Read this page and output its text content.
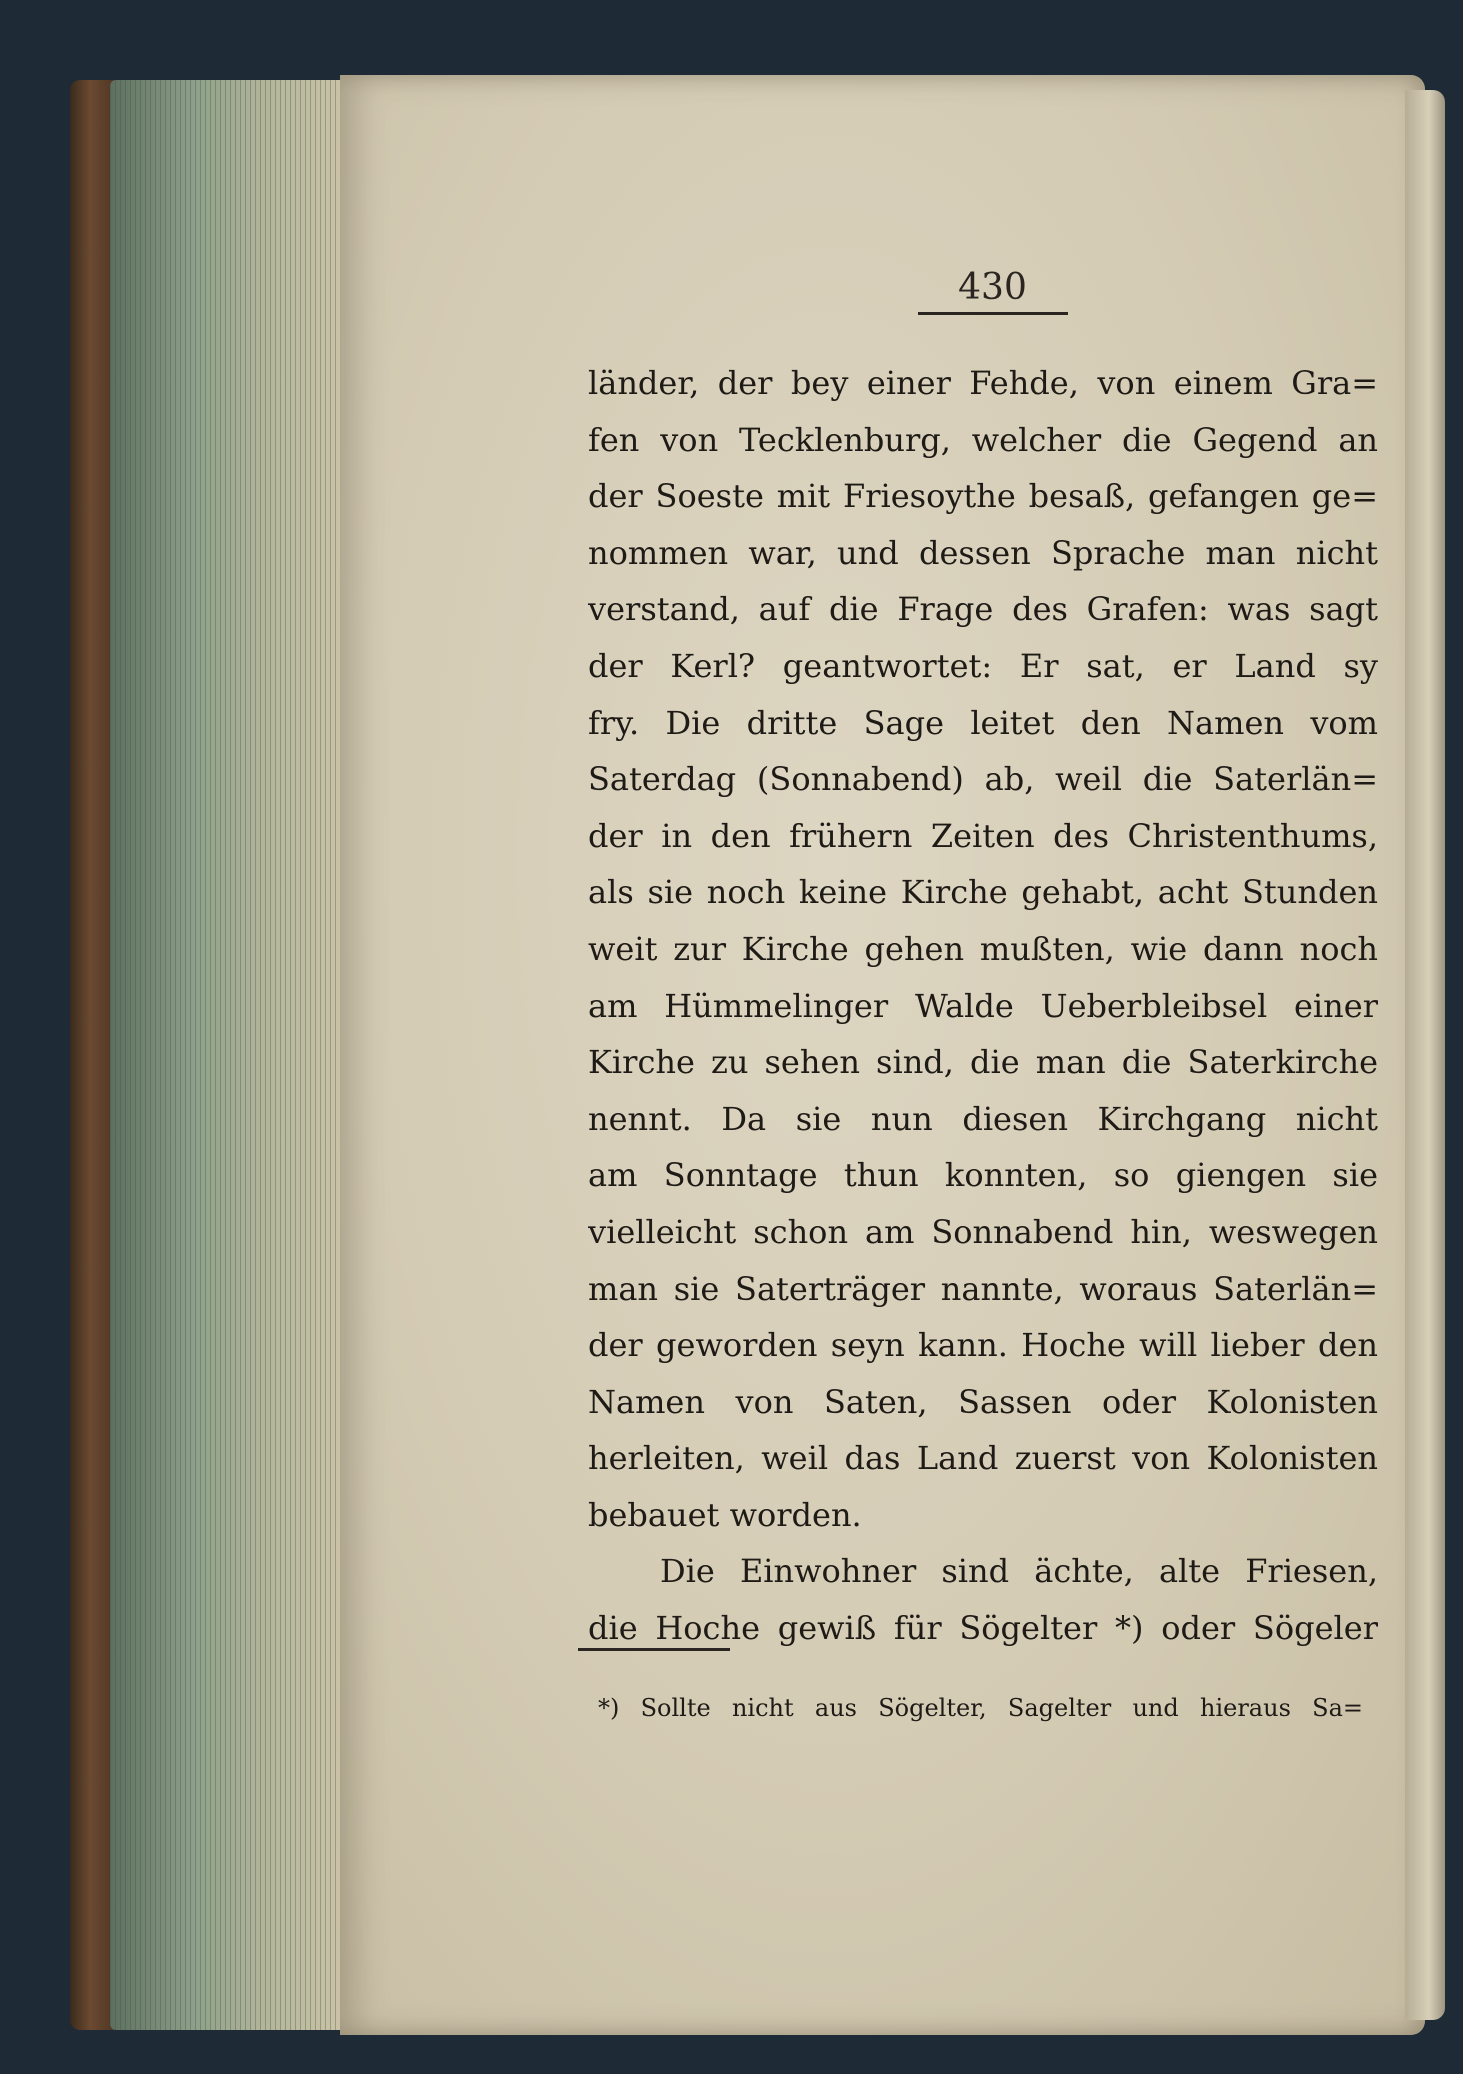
430
länder, der bey einer Fehde, von einem Gra=
fen von Tecklenburg, welcher die Gegend an
der Soeste mit Friesoythe besaß, gefangen ge=
nommen war, und dessen Sprache man nicht
verstand, auf die Frage des Grafen: was sagt
der Kerl? geantwortet: Er sat, er Land sy
fry. Die dritte Sage leitet den Namen vom
Saterdag (Sonnabend) ab, weil die Saterlän=
der in den frühern Zeiten des Christenthums,
als sie noch keine Kirche gehabt, acht Stunden
weit zur Kirche gehen mußten, wie dann noch
am Hümmelinger Walde Ueberbleibsel einer
Kirche zu sehen sind, die man die Saterkirche
nennt. Da sie nun diesen Kirchgang nicht
am Sonntage thun konnten, so giengen sie
vielleicht schon am Sonnabend hin, weswegen
man sie Saterträger nannte, woraus Saterlän=
der geworden seyn kann. Hoche will lieber den
Namen von Saten, Sassen oder Kolonisten
herleiten, weil das Land zuerst von Kolonisten
bebauet worden.
Die Einwohner sind ächte, alte Friesen,
die Hoche gewiß für Sögelter *) oder Sögeler
*) Sollte nicht aus Sögelter, Sagelter und hieraus Sa=
